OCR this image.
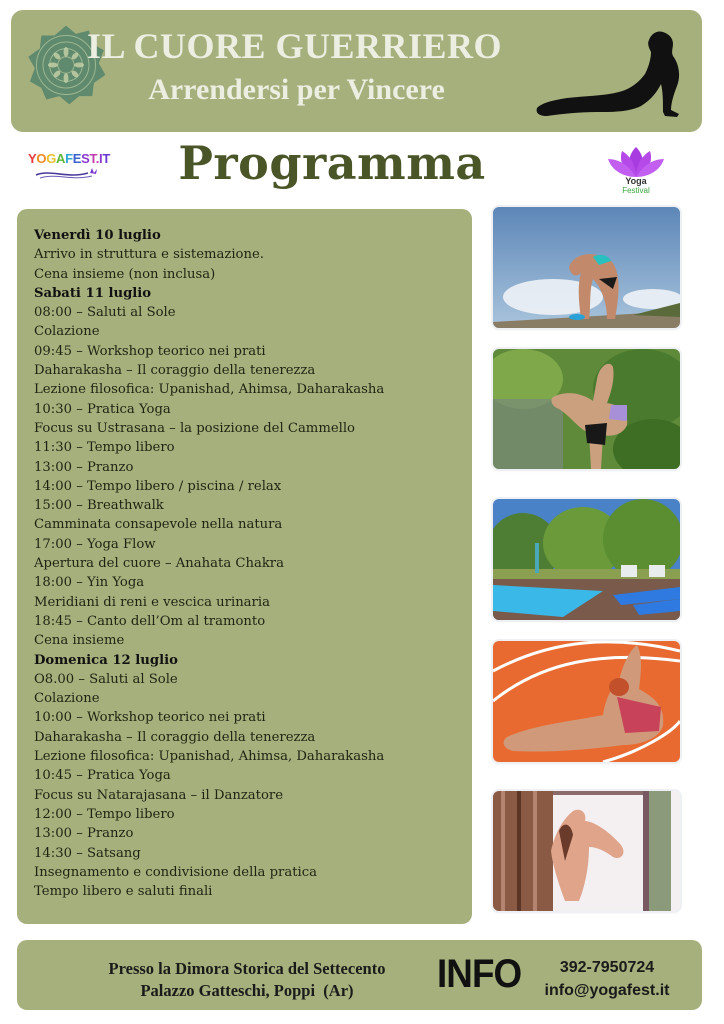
IL CUORE GUERRIERO
Arrendersi per Vincere
YOGAFEST.IT	Programma	Yoga
Festival
Venerdì 10 luglio
Arrivo in struttura e sistemazione.
Cena insieme (non inclusa)
Sabati 11 luglio
08:00 – Saluti al Sole
Colazione
09:45 – Workshop teorico nei prati
Daharakasha – Il coraggio della tenerezza
Lezione filosofica: Upanishad, Ahimsa, Daharakasha
10:30 – Pratica Yoga
Focus su Ustrasana – la posizione del Cammello
11:30 – Tempo libero
13:00 – Pranzo
14:00 – Tempo libero / piscina / relax
15:00 – Breathwalk
Camminata consapevole nella natura
17:00 – Yoga Flow
Apertura del cuore – Anahata Chakra
18:00 – Yin Yoga
Meridiani di reni e vescica urinaria
18:45 – Canto dell’Om al tramonto
Cena insieme
Domenica 12 luglio
O8.00 – Saluti al Sole
Colazione
10:00 – Workshop teorico nei prati
Daharakasha – Il coraggio della tenerezza
Lezione filosofica: Upanishad, Ahimsa, Daharakasha
10:45 – Pratica Yoga
Focus su Natarajasana – il Danzatore
12:00 – Tempo libero
13:00 – Pranzo
14:30 – Satsang
Insegnamento e condivisione della pratica
Tempo libero e saluti finali
Presso la Dimora Storica del Settecento
Palazzo Gatteschi, Poppi  (Ar)	INFO	392-7950724
info@yogafest.it
